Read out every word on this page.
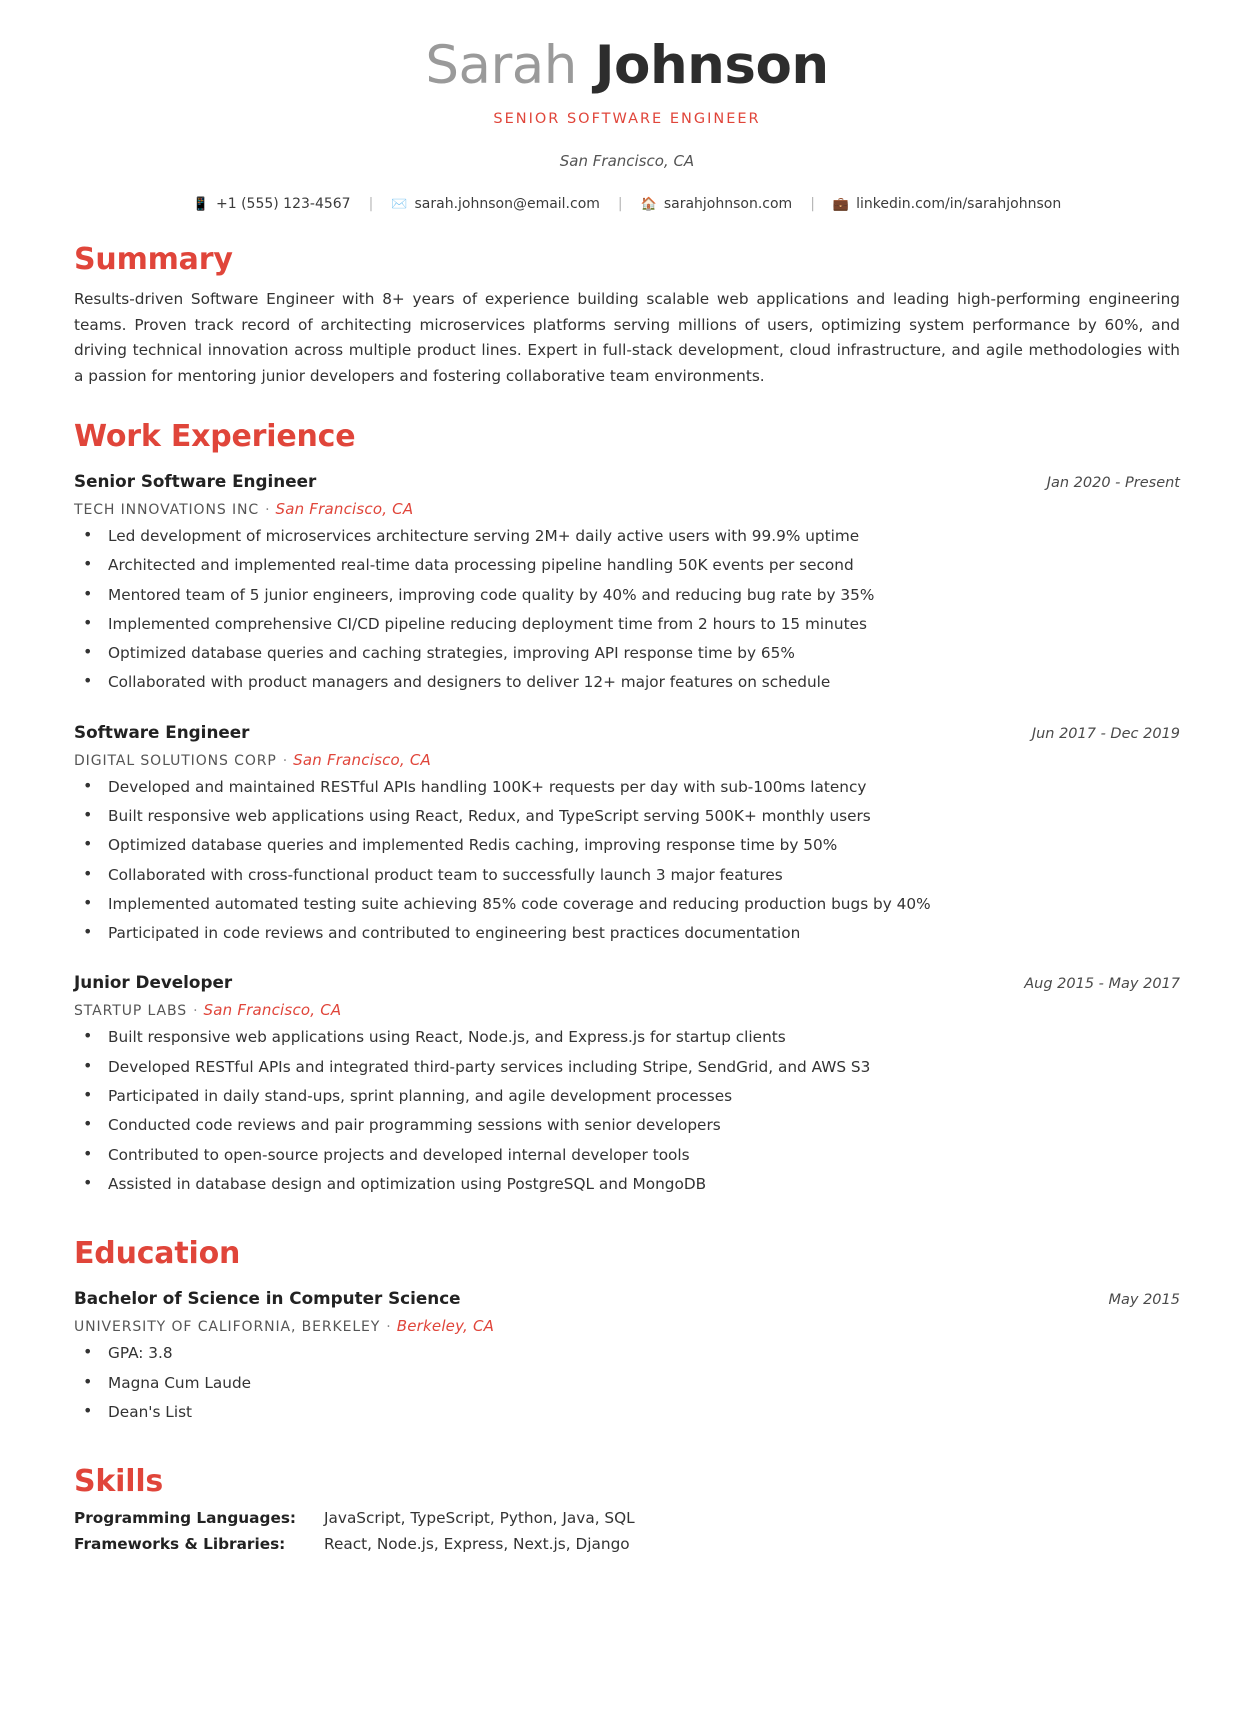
Sarah Johnson
SENIOR SOFTWARE ENGINEER
San Francisco, CA
📱 +1 (555) 123-4567	|	✉️ sarah.johnson@email.com	|	🏠 sarahjohnson.com	|	💼 linkedin.com/in/sarahjohnson
Summary

Results-driven Software Engineer with 8+ years of experience building scalable web applications and leading high-performing engineering teams. Proven track record of architecting microservices platforms serving millions of users, optimizing system performance by 60%, and driving technical innovation across multiple product lines. Expert in full-stack development, cloud infrastructure, and agile methodologies with a passion for mentoring junior developers and fostering collaborative team environments.

Work Experience
Senior Software Engineer	Jan 2020 - Present
TECH INNOVATIONS INC · San Francisco, CA
• Led development of microservices architecture serving 2M+ daily active users with 99.9% uptime
• Architected and implemented real-time data processing pipeline handling 50K events per second
• Mentored team of 5 junior engineers, improving code quality by 40% and reducing bug rate by 35%
• Implemented comprehensive CI/CD pipeline reducing deployment time from 2 hours to 15 minutes
• Optimized database queries and caching strategies, improving API response time by 65%
• Collaborated with product managers and designers to deliver 12+ major features on schedule
Software Engineer	Jun 2017 - Dec 2019
DIGITAL SOLUTIONS CORP · San Francisco, CA
• Developed and maintained RESTful APIs handling 100K+ requests per day with sub-100ms latency
• Built responsive web applications using React, Redux, and TypeScript serving 500K+ monthly users
• Optimized database queries and implemented Redis caching, improving response time by 50%
• Collaborated with cross-functional product team to successfully launch 3 major features
• Implemented automated testing suite achieving 85% code coverage and reducing production bugs by 40%
• Participated in code reviews and contributed to engineering best practices documentation
Junior Developer	Aug 2015 - May 2017
STARTUP LABS · San Francisco, CA
• Built responsive web applications using React, Node.js, and Express.js for startup clients
• Developed RESTful APIs and integrated third-party services including Stripe, SendGrid, and AWS S3
• Participated in daily stand-ups, sprint planning, and agile development processes
• Conducted code reviews and pair programming sessions with senior developers
• Contributed to open-source projects and developed internal developer tools
• Assisted in database design and optimization using PostgreSQL and MongoDB
Education
Bachelor of Science in Computer Science	May 2015
UNIVERSITY OF CALIFORNIA, BERKELEY · Berkeley, CA
• GPA: 3.8
• Magna Cum Laude
• Dean's List
Skills
Programming Languages:	JavaScript, TypeScript, Python, Java, SQL
Frameworks & Libraries:	React, Node.js, Express, Next.js, Django
